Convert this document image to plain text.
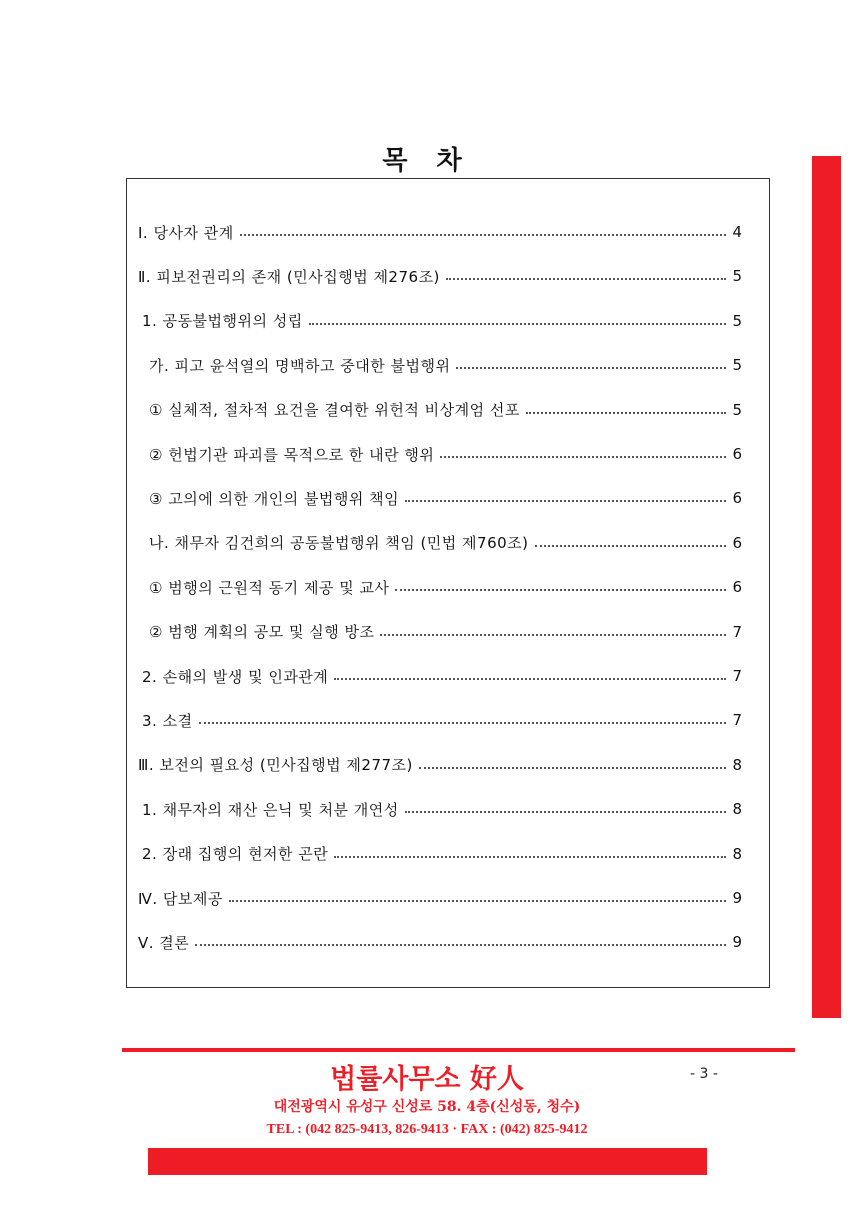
목 차
Ⅰ. 당사자 관계	4
Ⅱ. 피보전권리의 존재 (민사집행법 제276조)	5
1. 공동불법행위의 성립	5
가. 피고 윤석열의 명백하고 중대한 불법행위	5
① 실체적, 절차적 요건을 결여한 위헌적 비상계엄 선포	5
② 헌법기관 파괴를 목적으로 한 내란 행위	6
③ 고의에 의한 개인의 불법행위 책임	6
나. 채무자 김건희의 공동불법행위 책임 (민법 제760조)	6
① 범행의 근원적 동기 제공 및 교사	6
② 범행 계획의 공모 및 실행 방조	7
2. 손해의 발생 및 인과관계	7
3. 소결	7
Ⅲ. 보전의 필요성 (민사집행법 제277조)	8
1. 채무자의 재산 은닉 및 처분 개연성	8
2. 장래 집행의 현저한 곤란	8
Ⅳ. 담보제공	9
Ⅴ. 결론	9
법률사무소 好人	- 3 -
대전광역시 유성구 신성로 58. 4층(신성동, 청수)
TEL : (042 825-9413, 826-9413 · FAX : (042) 825-9412
